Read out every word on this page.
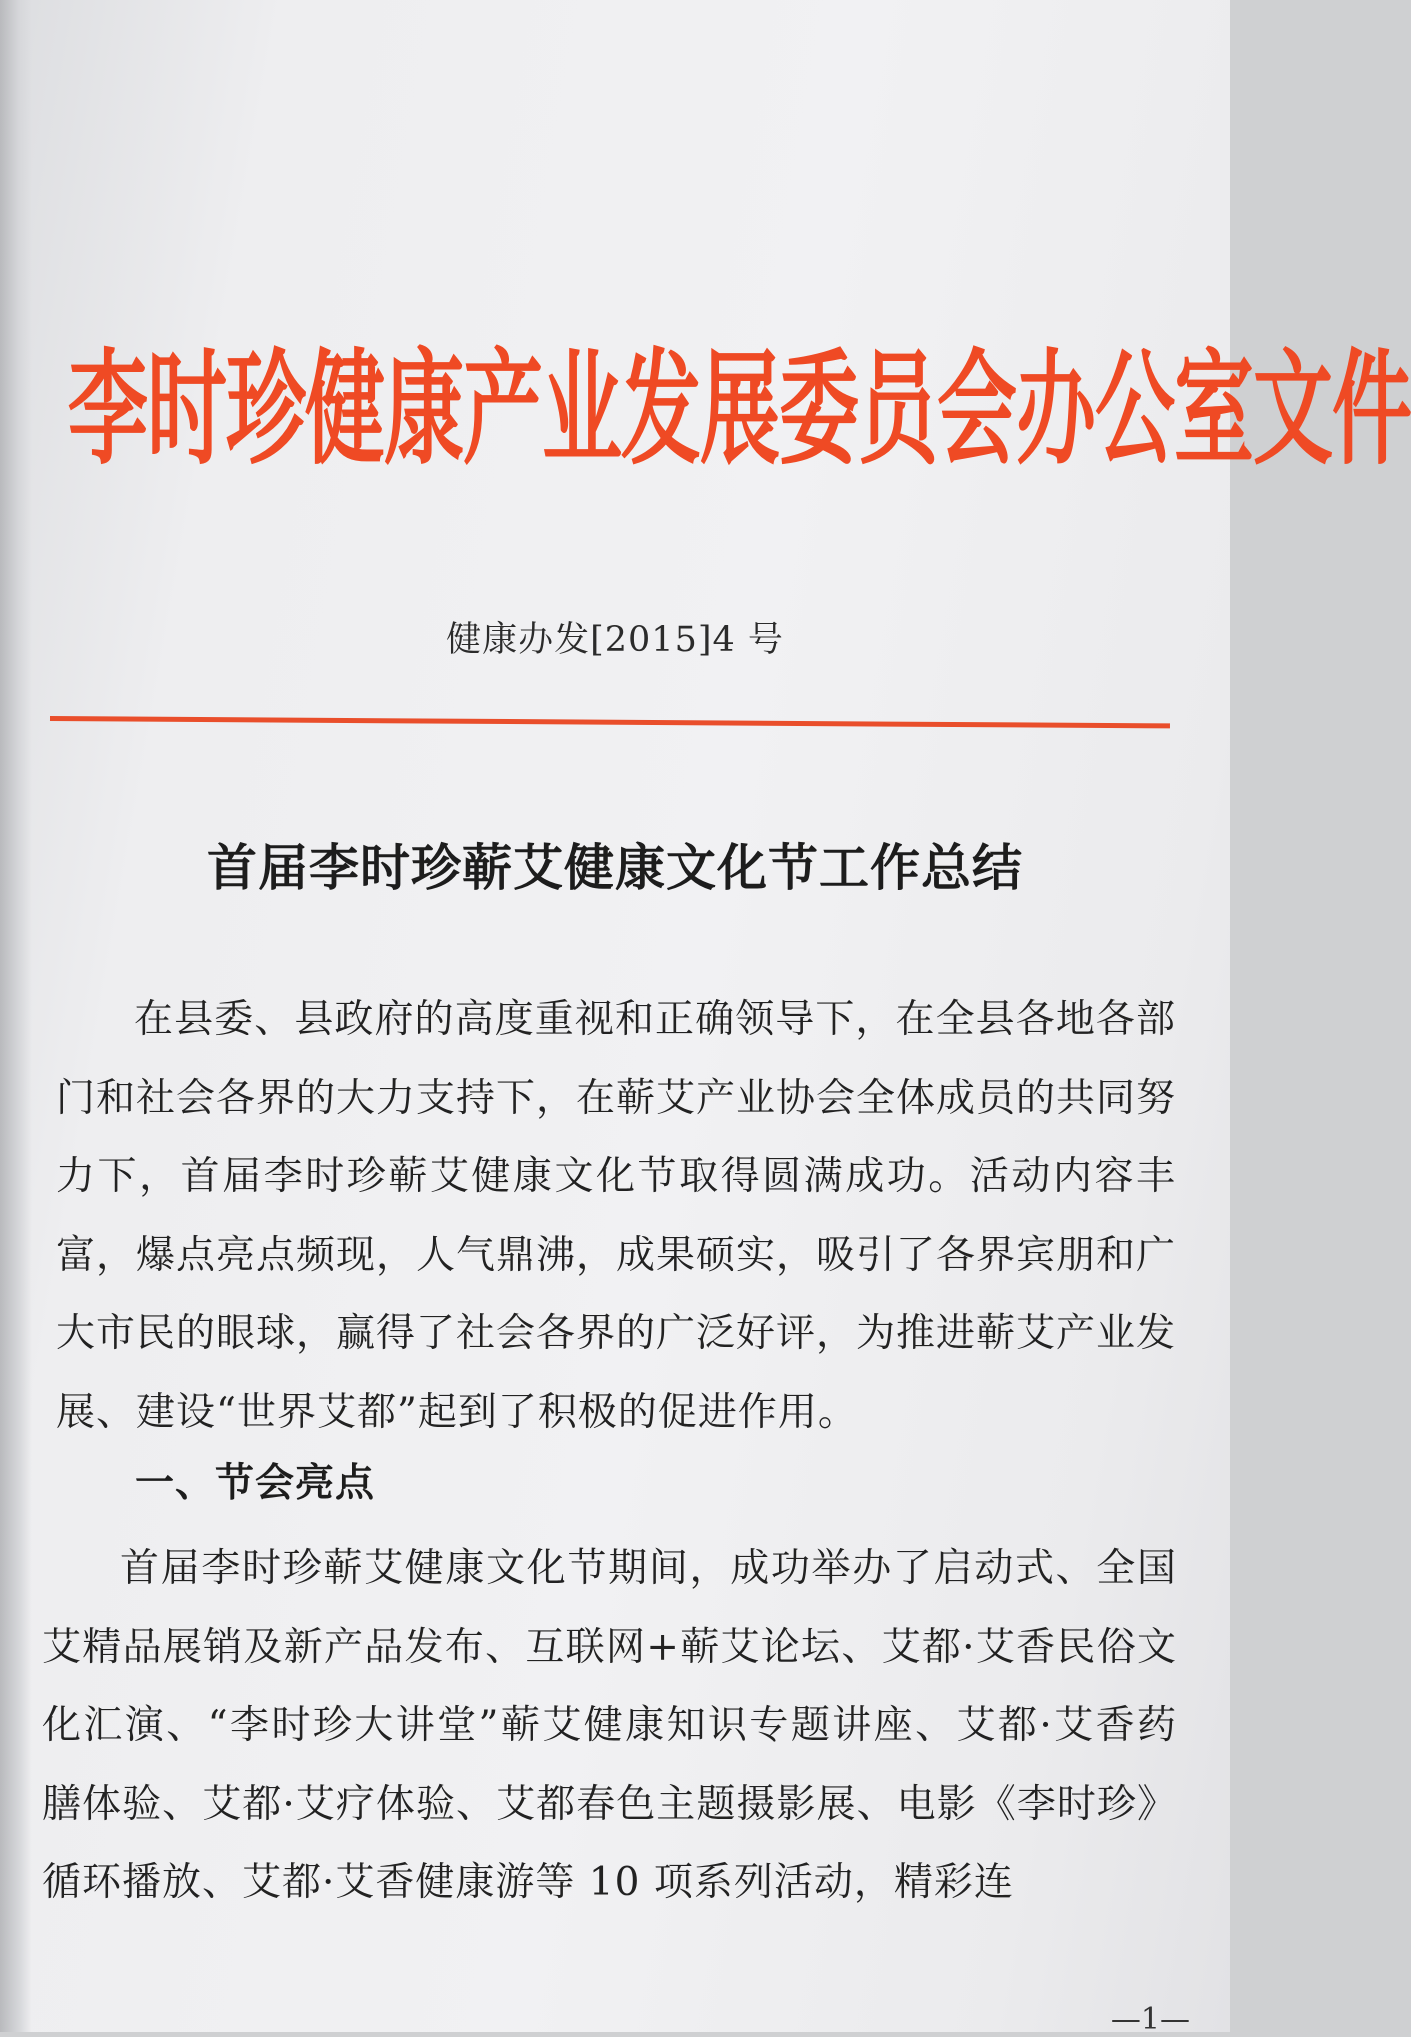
李时珍健康产业发展委员会办公室文件
健康办发[2015]4 号
首届李时珍蕲艾健康文化节工作总结
在县委、县政府的高度重视和正确领导下，在全县各地各部门和社会各界的大力支持下，在蕲艾产业协会全体成员的共同努力下，首届李时珍蕲艾健康文化节取得圆满成功。活动内容丰富，爆点亮点频现，人气鼎沸，成果硕实，吸引了各界宾朋和广大市民的眼球，赢得了社会各界的广泛好评，为推进蕲艾产业发展、建设“世界艾都”起到了积极的促进作用。
一、节会亮点
首届李时珍蕲艾健康文化节期间，成功举办了启动式、全国艾精品展销及新产品发布、互联网+蕲艾论坛、艾都·艾香民俗文化汇演、“李时珍大讲堂”蕲艾健康知识专题讲座、艾都·艾香药膳体验、艾都·艾疗体验、艾都春色主题摄影展、电影《李时珍》循环播放、艾都·艾香健康游等 10 项系列活动，精彩连
—1—
